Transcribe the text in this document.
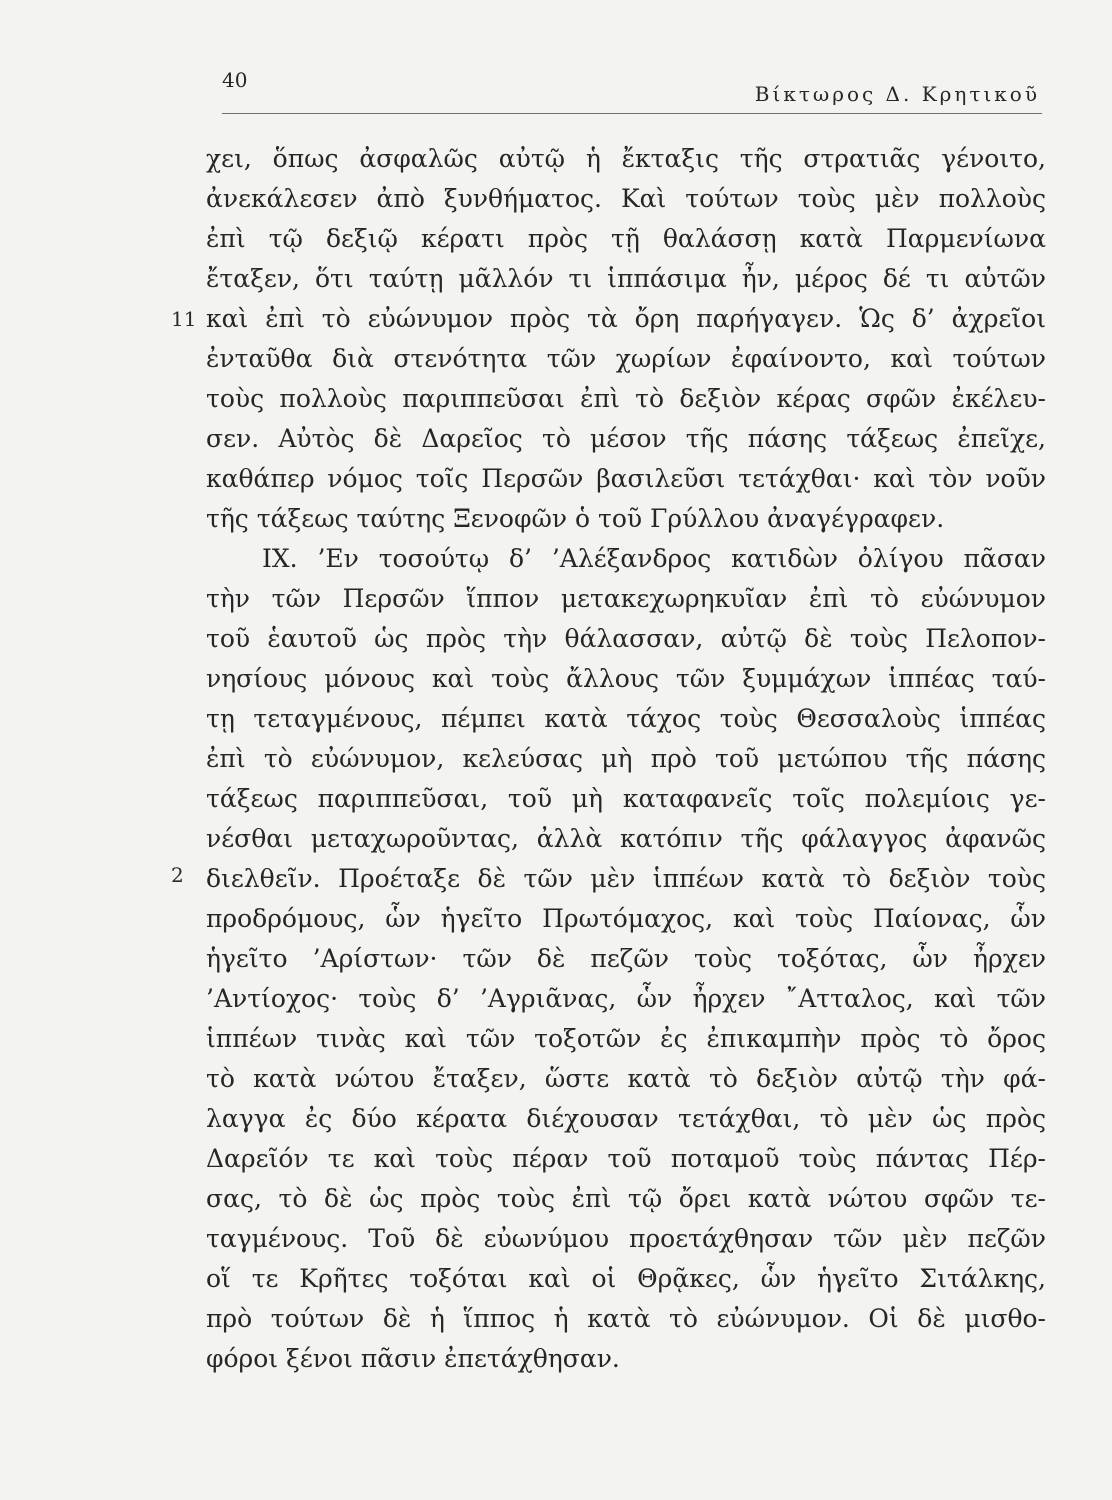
40
Βίκτωρος Δ. Κρητικοῦ
11
2
χει, ὅπως ἀσφαλῶς αὐτῷ ἡ ἔκταξις τῆς στρατιᾶς γένοιτο,
ἀνεκάλεσεν ἀπὸ ξυνθήματος. Καὶ τούτων τοὺς μὲν πολλοὺς
ἐπὶ τῷ δεξιῷ κέρατι πρὸς τῇ θαλάσσῃ κατὰ Παρμενίωνα
ἔταξεν, ὅτι ταύτῃ μᾶλλόν τι ἱππάσιμα ἦν, μέρος δέ τι αὐτῶν
καὶ ἐπὶ τὸ εὐώνυμον πρὸς τὰ ὄρη παρήγαγεν. Ὡς δ’ ἀχρεῖοι
ἐνταῦθα διὰ στενότητα τῶν χωρίων ἐφαίνοντο, καὶ τούτων
τοὺς πολλοὺς παριππεῦσαι ἐπὶ τὸ δεξιὸν κέρας σφῶν ἐκέλευ-
σεν. Αὐτὸς δὲ Δαρεῖος τὸ μέσον τῆς πάσης τάξεως ἐπεῖχε,
καθάπερ νόμος τοῖς Περσῶν βασιλεῦσι τετάχθαι· καὶ τὸν νοῦν
τῆς τάξεως ταύτης Ξενοφῶν ὁ τοῦ Γρύλλου ἀναγέγραφεν.
IX. ’Εν τοσούτῳ δ’ ’Αλέξανδρος κατιδὼν ὀλίγου πᾶσαν
τὴν τῶν Περσῶν ἵππον μετακεχωρηκυῖαν ἐπὶ τὸ εὐώνυμον
τοῦ ἑαυτοῦ ὡς πρὸς τὴν θάλασσαν, αὐτῷ δὲ τοὺς Πελοπον-
νησίους μόνους καὶ τοὺς ἄλλους τῶν ξυμμάχων ἱππέας ταύ-
τῃ τεταγμένους, πέμπει κατὰ τάχος τοὺς Θεσσαλοὺς ἱππέας
ἐπὶ τὸ εὐώνυμον, κελεύσας μὴ πρὸ τοῦ μετώπου τῆς πάσης
τάξεως παριππεῦσαι, τοῦ μὴ καταφανεῖς τοῖς πολεμίοις γε-
νέσθαι μεταχωροῦντας, ἀλλὰ κατόπιν τῆς φάλαγγος ἀφανῶς
διελθεῖν. Προέταξε δὲ τῶν μὲν ἱππέων κατὰ τὸ δεξιὸν τοὺς
προδρόμους, ὧν ἡγεῖτο Πρωτόμαχος, καὶ τοὺς Παίονας, ὧν
ἡγεῖτο ’Αρίστων· τῶν δὲ πεζῶν τοὺς τοξότας, ὧν ἦρχεν
’Αντίοχος· τοὺς δ’ ’Αγριᾶνας, ὧν ἦρχεν ῎Ατταλος, καὶ τῶν
ἱππέων τινὰς καὶ τῶν τοξοτῶν ἐς ἐπικαμπὴν πρὸς τὸ ὄρος
τὸ κατὰ νώτου ἔταξεν, ὥστε κατὰ τὸ δεξιὸν αὐτῷ τὴν φά-
λαγγα ἐς δύο κέρατα διέχουσαν τετάχθαι, τὸ μὲν ὡς πρὸς
Δαρεῖόν τε καὶ τοὺς πέραν τοῦ ποταμοῦ τοὺς πάντας Πέρ-
σας, τὸ δὲ ὡς πρὸς τοὺς ἐπὶ τῷ ὄρει κατὰ νώτου σφῶν τε-
ταγμένους. Τοῦ δὲ εὐωνύμου προετάχθησαν τῶν μὲν πεζῶν
οἵ τε Κρῆτες τοξόται καὶ οἱ Θρᾷκες, ὧν ἡγεῖτο Σιτάλκης,
πρὸ τούτων δὲ ἡ ἵππος ἡ κατὰ τὸ εὐώνυμον. Οἱ δὲ μισθο-
φόροι ξένοι πᾶσιν ἐπετάχθησαν.
